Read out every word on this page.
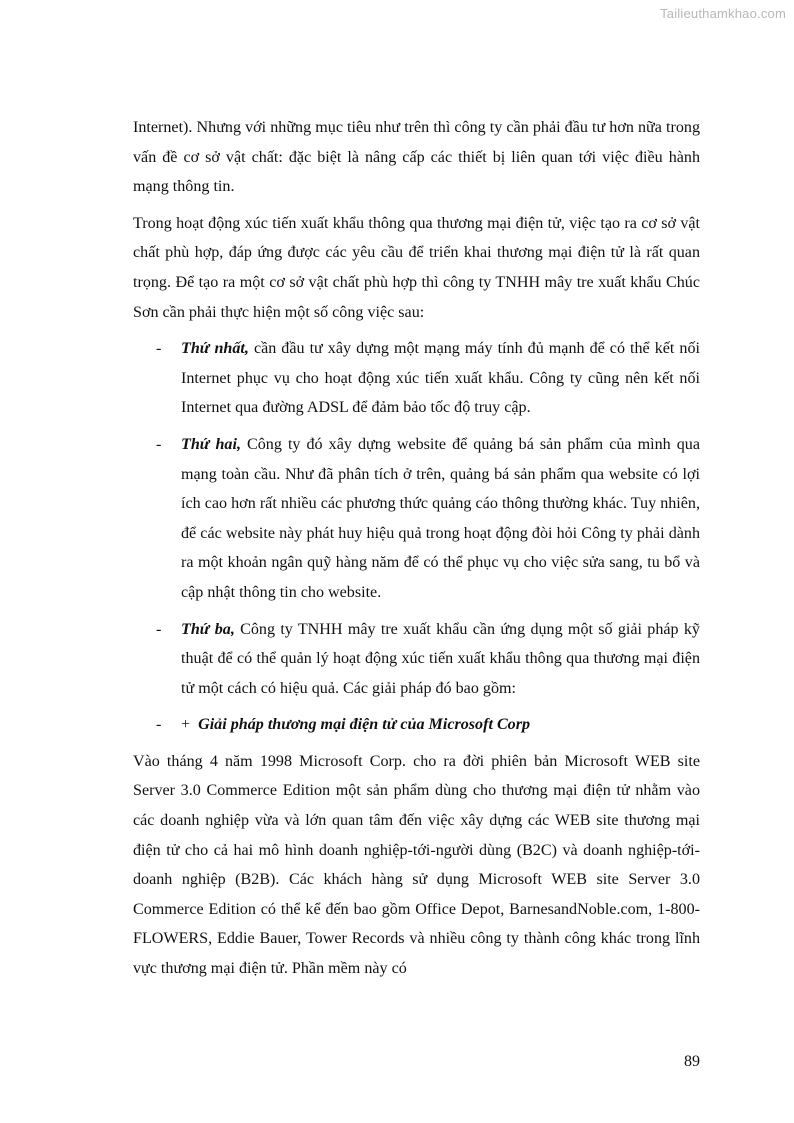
Tailieuthamkhao.com

Internet). Nhưng với những mục tiêu như trên thì công ty cần phải đầu tư hơn nữa trong vấn đề cơ sở vật chất: đặc biệt là nâng cấp các thiết bị liên quan tới việc điều hành mạng thông tin.

Trong hoạt động xúc tiến xuất khẩu thông qua thương mại điện tử, việc tạo ra cơ sở vật chất phù hợp, đáp ứng được các yêu cầu để triển khai thương mại điện tử là rất quan trọng. Để tạo ra một cơ sở vật chất phù hợp thì công ty TNHH mây tre xuất khẩu Chúc Sơn cần phải thực hiện một số công việc sau:

- Thứ nhất, cần đầu tư xây dựng một mạng máy tính đủ mạnh để có thể kết nối Internet phục vụ cho hoạt động xúc tiến xuất khẩu. Công ty cũng nên kết nối Internet qua đường ADSL để đảm bảo tốc độ truy cập.
- Thứ hai, Công ty đó xây dựng website để quảng bá sản phẩm của mình qua mạng toàn cầu. Như đã phân tích ở trên, quảng bá sản phẩm qua website có lợi ích cao hơn rất nhiều các phương thức quảng cáo thông thường khác. Tuy nhiên, để các website này phát huy hiệu quả trong hoạt động đòi hỏi Công ty phải dành ra một khoản ngân quỹ hàng năm để có thể phục vụ cho việc sửa sang, tu bổ và cập nhật thông tin cho website.
- Thứ ba, Công ty TNHH mây tre xuất khẩu cần ứng dụng một số giải pháp kỹ thuật để có thể quản lý hoạt động xúc tiến xuất khẩu thông qua thương mại điện tử một cách có hiệu quả. Các giải pháp đó bao gồm:
- + Giải pháp thương mại điện tử của Microsoft Corp

Vào tháng 4 năm 1998 Microsoft Corp. cho ra đời phiên bản Microsoft WEB site Server 3.0 Commerce Edition một sản phẩm dùng cho thương mại điện tử nhằm vào các doanh nghiệp vừa và lớn quan tâm đến việc xây dựng các WEB site thương mại điện tử cho cả hai mô hình doanh nghiệp-tới-người dùng (B2C) và doanh nghiệp-tới-doanh nghiệp (B2B). Các khách hàng sử dụng Microsoft WEB site Server 3.0 Commerce Edition có thể kể đến bao gồm Office Depot, BarnesandNoble.com, 1-800-FLOWERS, Eddie Bauer, Tower Records và nhiều công ty thành công khác trong lĩnh vực thương mại điện tử. Phần mềm này có

89
